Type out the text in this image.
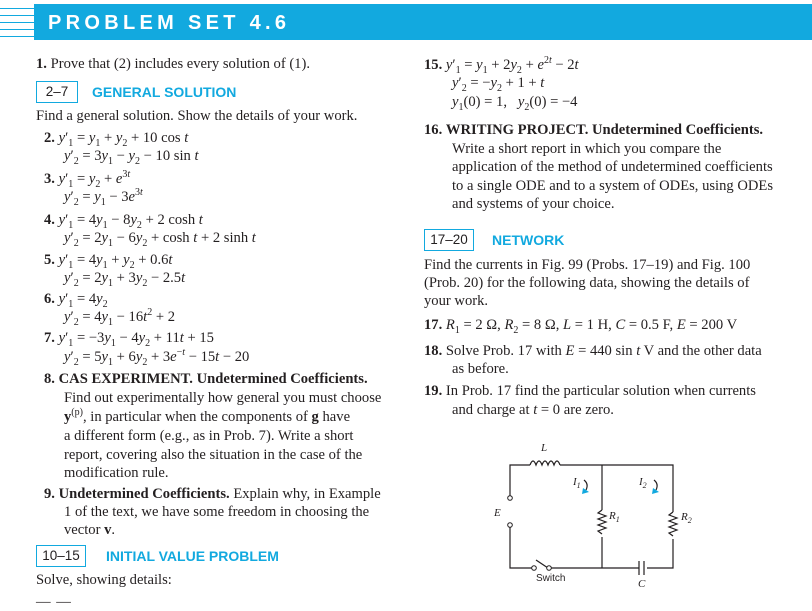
PROBLEM SET 4.6
1. Prove that (2) includes every solution of (1).
2–7	GENERAL SOLUTION
Find a general solution. Show the details of your work.
2. $y'_1 = y_1 + y_2 + 10$ cos t
$y'_2 = 3y_1 - y_2 - 10$ sin t
3. $y'_1 = y_2 + e^{3t}$
$y'_2 = y_1 - 3e^{3t}$
4. $y'_1 = 4y_1 - 8y_2 + 2$ cosh t
$y'_2 = 2y_1 - 6y_2 + \cosh t + 2$ sinh t
5. $y'_1 = 4y_1 + y_2 + 0.6t$
$y'_2 = 2y_1 + 3y_2 - 2.5t$
6. $y'_1 = 4y_2$
$y'_2 = 4y_1 - 16t^2 + 2$
7. $y'_1 = -3y_1 - 4y_2 + 11t + 15$
$y'_2 = 5y_1 + 6y_2 + 3e^{-t} - 15t - 20$
8. CAS EXPERIMENT. Undetermined Coefficients.
Find out experimentally how general you must choose
$y^{(p)}$, in particular when the components of g have
a different form (e.g., as in Prob. 7). Write a short
report, covering also the situation in the case of the
modification rule.
9. Undetermined Coefficients. Explain why, in Example
1 of the text, we have some freedom in choosing the
vector v.
10–15	INITIAL VALUE PROBLEM
Solve, showing details:
— —
15. $y'_1 = y_1 + 2y_2 + e^{2t} - 2t$
$y'_2 = -y_2 + 1 + t$
$y_1(0) = 1$,   $y_2(0) = -4$
16. WRITING PROJECT. Undetermined Coefficients.
Write a short report in which you compare the
application of the method of undetermined coefficients
to a single ODE and to a system of ODEs, using ODEs
and systems of your choice.
17–20	NETWORK
Find the currents in Fig. 99 (Probs. 17–19) and Fig. 100
(Prob. 20) for the following data, showing the details of
your work.
17. $R_1 = 2$ Ω, $R_2 = 8$ Ω, L = 1 H, C = 0.5 F, E = 200 V
18. Solve Prob. 17 with E = 440 sin t V and the other data
as before.
19. In Prob. 17 find the particular solution when currents
and charge at t = 0 are zero.
L
E
$I_1$	$I_2$
$R_1$	$R_2$
C
Switch
